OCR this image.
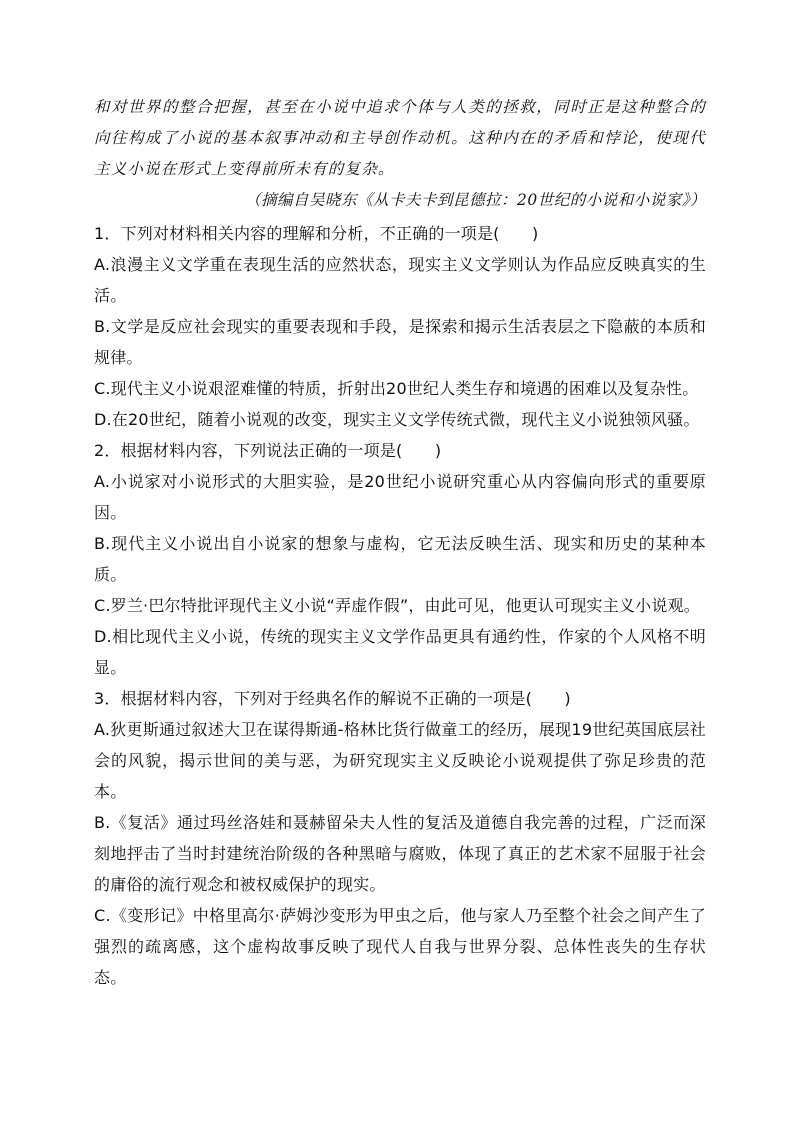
和对世界的整合把握，甚至在小说中追求个体与人类的拯救，同时正是这种整合的向往构成了小说的基本叙事冲动和主导创作动机。这种内在的矛盾和悖论，使现代主义小说在形式上变得前所未有的复杂。
（摘编自吴晓东《从卡夫卡到昆德拉：20世纪的小说和小说家》）
1．下列对材料相关内容的理解和分析，不正确的一项是(　　)
A.浪漫主义文学重在表现生活的应然状态，现实主义文学则认为作品应反映真实的生活。
B.文学是反应社会现实的重要表现和手段，是探索和揭示生活表层之下隐蔽的本质和规律。
C.现代主义小说艰涩难懂的特质，折射出20世纪人类生存和境遇的困难以及复杂性。
D.在20世纪，随着小说观的改变，现实主义文学传统式微，现代主义小说独领风骚。
2．根据材料内容，下列说法正确的一项是(　　)
A.小说家对小说形式的大胆实验，是20世纪小说研究重心从内容偏向形式的重要原因。
B.现代主义小说出自小说家的想象与虚构，它无法反映生活、现实和历史的某种本质。
C.罗兰·巴尔特批评现代主义小说“弄虚作假”，由此可见，他更认可现实主义小说观。
D.相比现代主义小说，传统的现实主义文学作品更具有通约性，作家的个人风格不明显。
3．根据材料内容，下列对于经典名作的解说不正确的一项是(　　)
A.狄更斯通过叙述大卫在谋得斯通-格林比货行做童工的经历，展现19世纪英国底层社会的风貌，揭示世间的美与恶，为研究现实主义反映论小说观提供了弥足珍贵的范本。
B.《复活》通过玛丝洛娃和聂赫留朵夫人性的复活及道德自我完善的过程，广泛而深刻地抨击了当时封建统治阶级的各种黑暗与腐败，体现了真正的艺术家不屈服于社会的庸俗的流行观念和被权威保护的现实。
C.《变形记》中格里高尔·萨姆沙变形为甲虫之后，他与家人乃至整个社会之间产生了强烈的疏离感，这个虚构故事反映了现代人自我与世界分裂、总体性丧失的生存状态。
